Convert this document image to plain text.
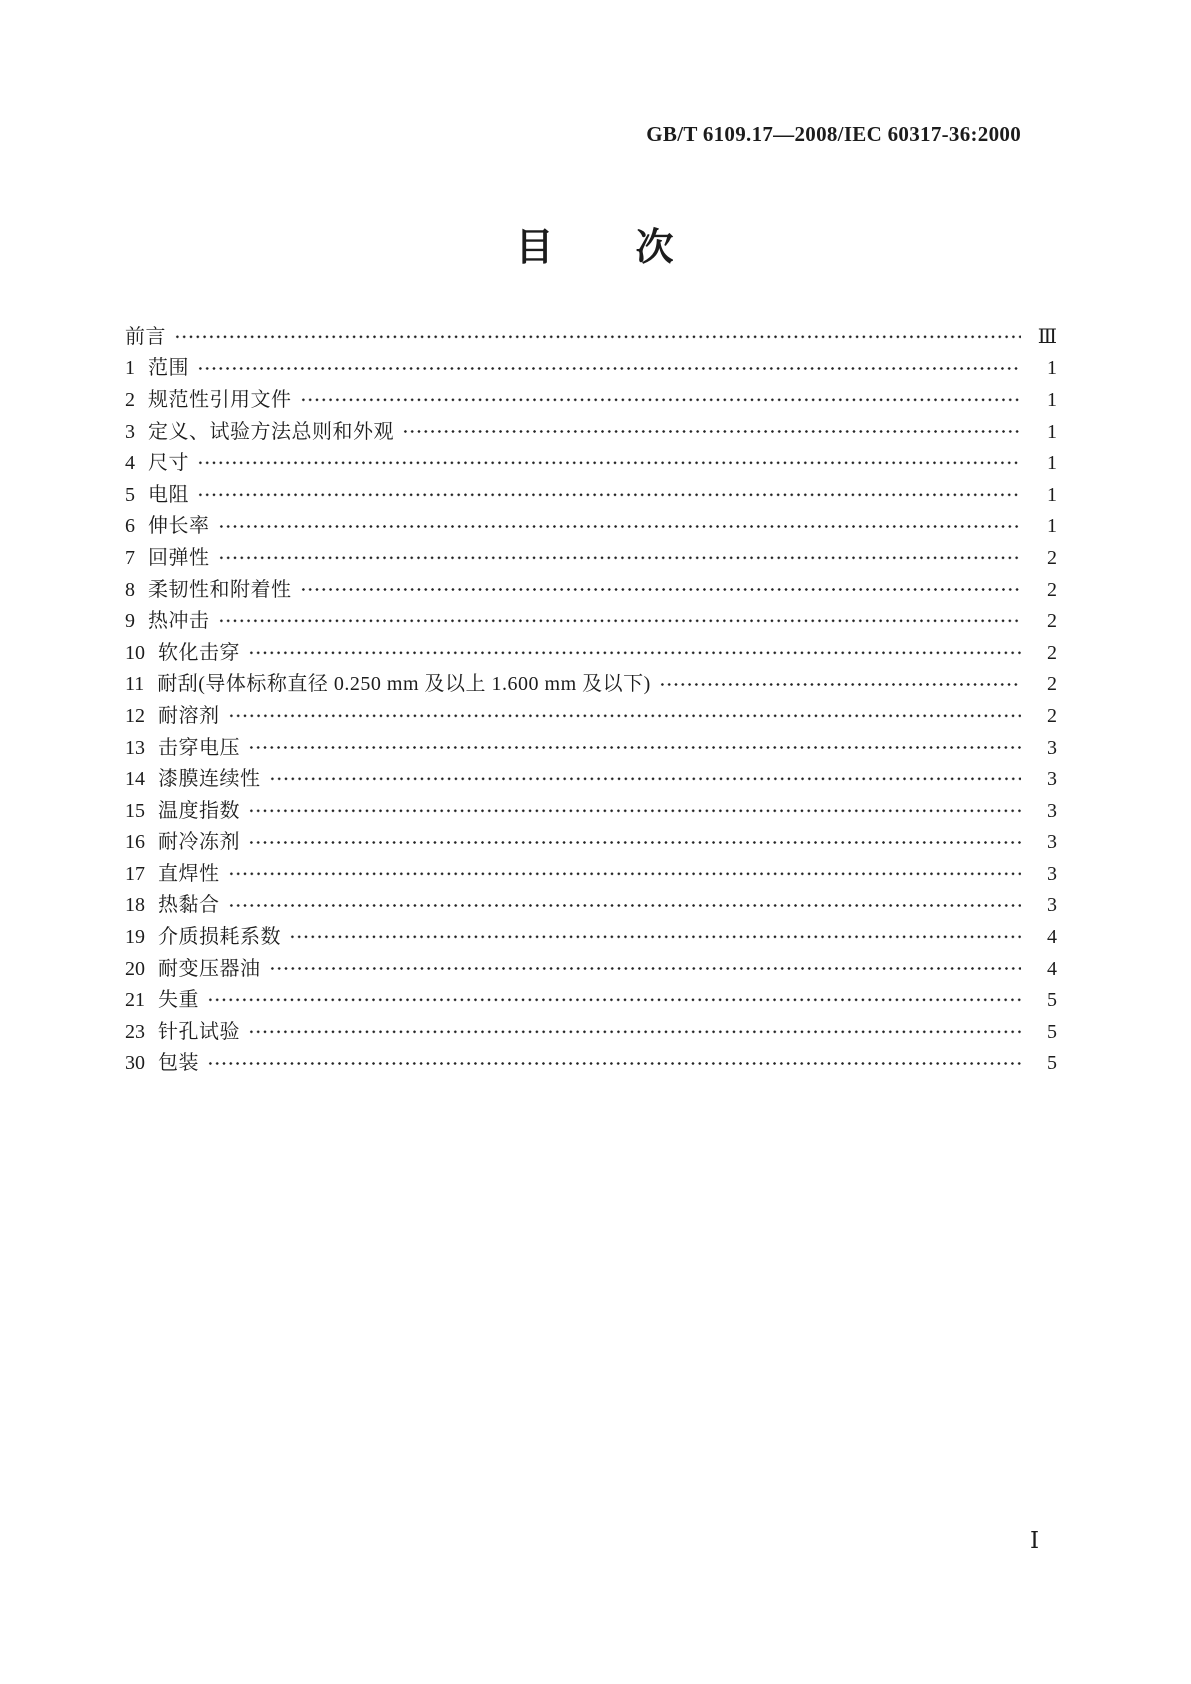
GB/T 6109.17—2008/IEC 60317-36:2000
目　　次
前言	Ⅲ
1 范围	1
2 规范性引用文件	1
3 定义、试验方法总则和外观	1
4 尺寸	1
5 电阻	1
6 伸长率	1
7 回弹性	2
8 柔韧性和附着性	2
9 热冲击	2
10 软化击穿	2
11 耐刮(导体标称直径 0.250 mm 及以上 1.600 mm 及以下)	2
12 耐溶剂	2
13 击穿电压	3
14 漆膜连续性	3
15 温度指数	3
16 耐冷冻剂	3
17 直焊性	3
18 热黏合	3
19 介质损耗系数	4
20 耐变压器油	4
21 失重	5
23 针孔试验	5
30 包装	5
Ⅰ
